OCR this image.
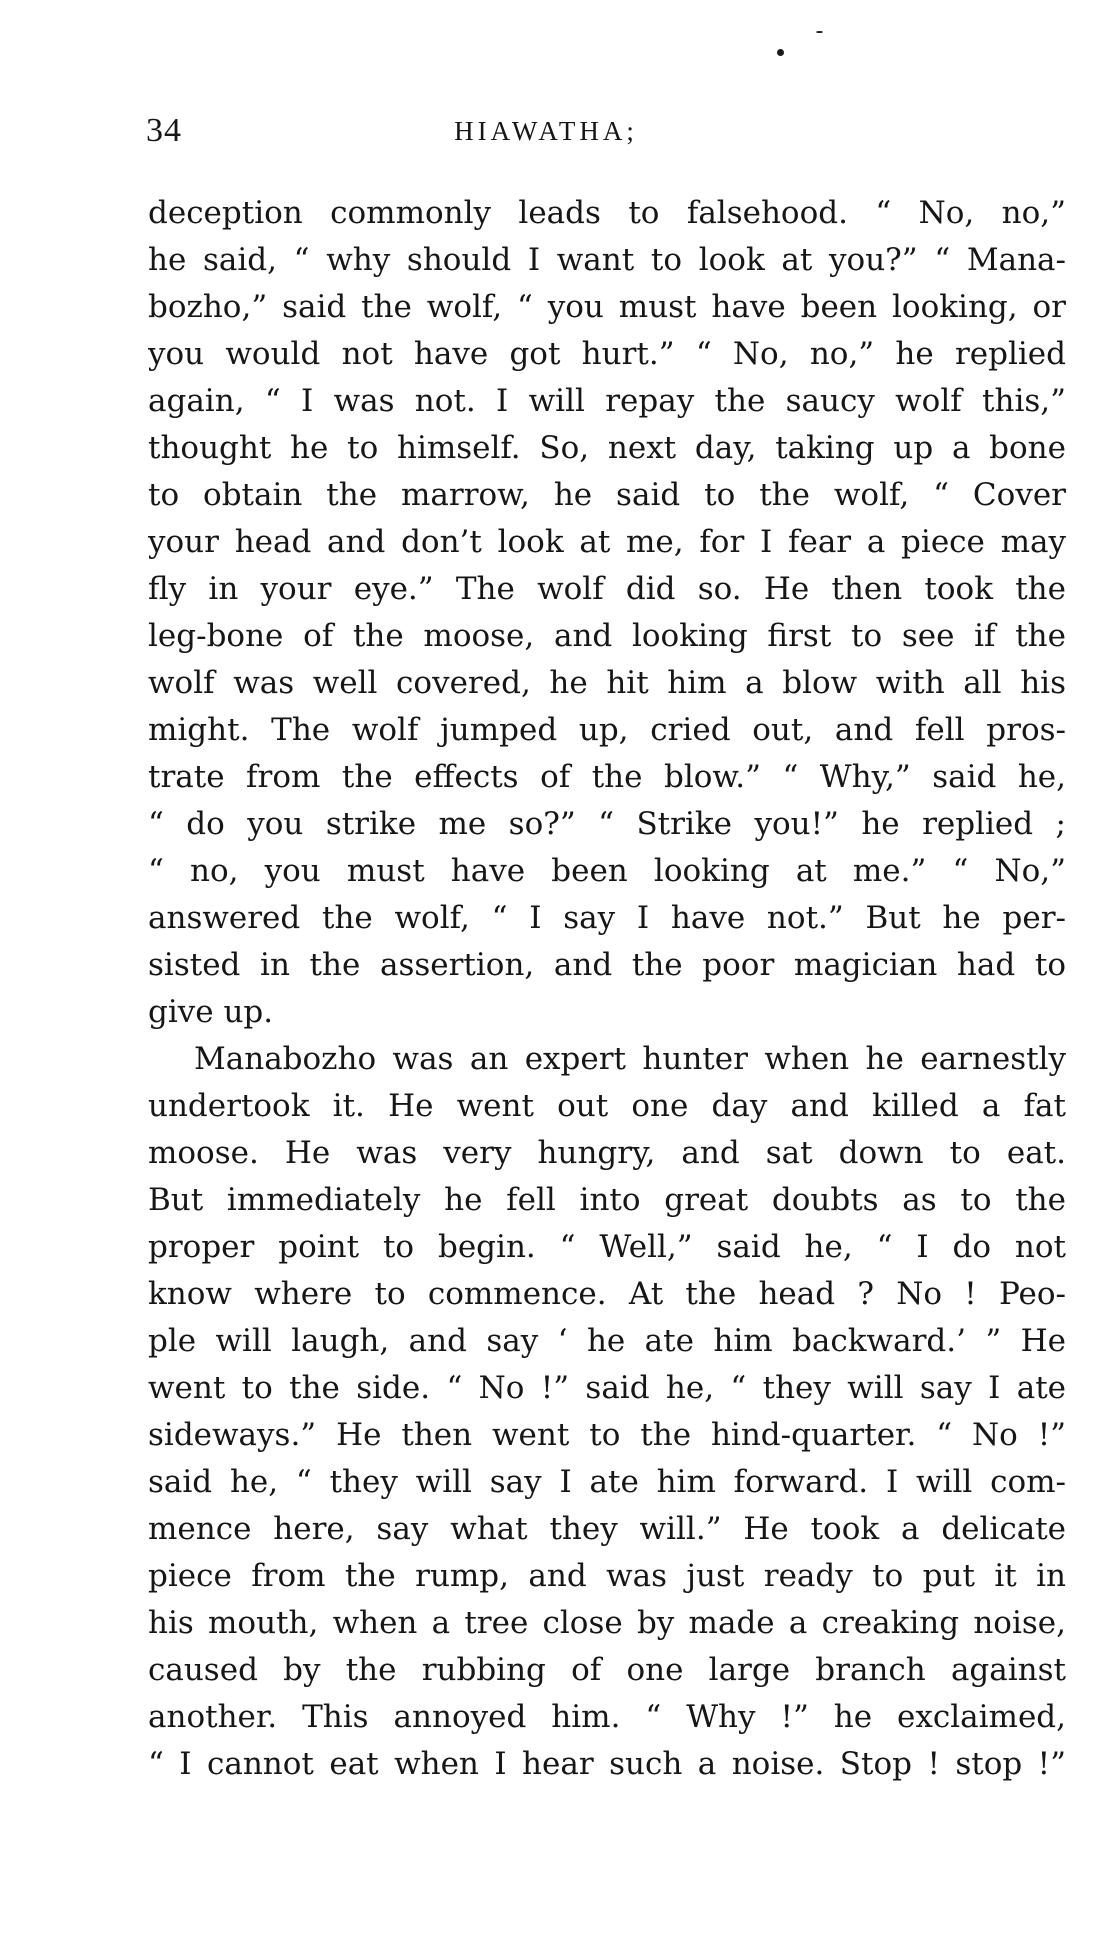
34	HIAWATHA;
deception commonly leads to falsehood. “ No, no,”
he said, “ why should I want to look at you?” “ Mana-
bozho,” said the wolf, “ you must have been looking, or
you would not have got hurt.” “ No, no,” he replied
again, “ I was not. I will repay the saucy wolf this,”
thought he to himself. So, next day, taking up a bone
to obtain the marrow, he said to the wolf, “ Cover
your head and don’t look at me, for I fear a piece may
fly in your eye.” The wolf did so. He then took the
leg-bone of the moose, and looking first to see if the
wolf was well covered, he hit him a blow with all his
might. The wolf jumped up, cried out, and fell pros-
trate from the effects of the blow.” “ Why,” said he,
“ do you strike me so?” “ Strike you!” he replied ;
“ no, you must have been looking at me.” “ No,”
answered the wolf, “ I say I have not.” But he per-
sisted in the assertion, and the poor magician had to
give up.
Manabozho was an expert hunter when he earnestly
undertook it. He went out one day and killed a fat
moose. He was very hungry, and sat down to eat.
But immediately he fell into great doubts as to the
proper point to begin. “ Well,” said he, “ I do not
know where to commence. At the head ? No ! Peo-
ple will laugh, and say ‘ he ate him backward.’ ” He
went to the side. “ No !” said he, “ they will say I ate
sideways.” He then went to the hind-quarter. “ No !”
said he, “ they will say I ate him forward. I will com-
mence here, say what they will.” He took a delicate
piece from the rump, and was just ready to put it in
his mouth, when a tree close by made a creaking noise,
caused by the rubbing of one large branch against
another. This annoyed him. “ Why !” he exclaimed,
“ I cannot eat when I hear such a noise. Stop ! stop !”
